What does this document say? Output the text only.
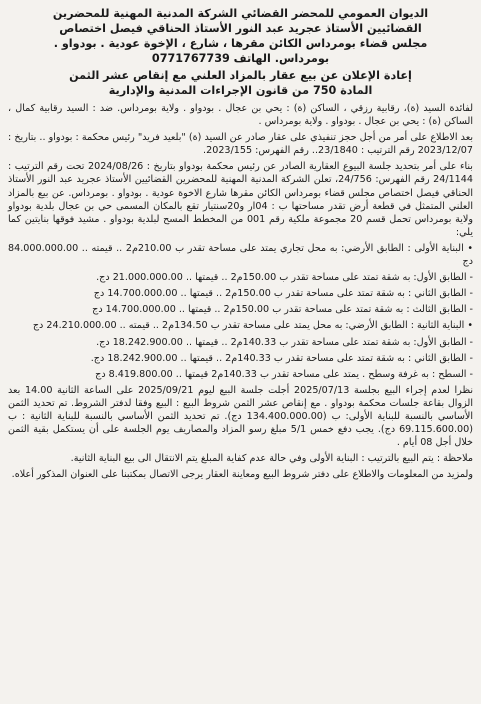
الديوان العمومي للمحضر القضائي الشركة المدنية المهنية للمحضرين
القضائيين الأستاذ عجريد عبد النور الأستاذ الحناقي فيصل اختصاص
مجلس قضاء بومرداس الكائن مقرها ، شارع ، الإخوة عودية . بودواو .
بومرداس. الهاتف 0771767739
إعادة الإعلان عن بيع عقار بالمزاد العلني مع إنقاص عشر الثمن
المادة 750 من قانون الإجراءات المدنية والإدارية

لفائدة السيد (ة)، رقابية رزقي ، الساكن (ة) : يحي بن عجال . بودواو . ولاية بومرداس. ضد : السيد رقابية كمال ، الساكن (ة) : يحي بن عجال . بودواو . ولاية بومرداس .

بعد الاطلاع على أمر من أجل حجز تنفيذي على عقار صادر عن السيد (ة) "بلعيد فريد" رئيس محكمة : بودواو .. بتاريخ : 2023/12/07 رقم الترتيب : 23/1840.. رقم الفهرس: 2023/155.

بناء على أمر بتحديد جلسة البيوع العقارية الصادر عن رئيس محكمة بودواو بتاريخ : 2024/08/26 تحت رقم الترتيب : 24/1144 رقم الفهرس: 24/756، تعلن الشركة المدنية المهنية للمحضرين القضائيين الأستاذ عجريد عبد النور الأستاذ الحناقي فيصل اختصاص مجلس قضاء بومرداس الكائن مقرها شارع الاخوة عودية . بودواو . بومرداس. عن بيع بالمزاد العلني المتمثل في قطعة أرض تقدر مساحتها ب : 04ار و20سنتيار تقع بالمكان المسمى حي بن عجال بلدية بودواو ولاية بومرداس تحمل قسم 20 مجموعة ملكية رقم 001 من المخطط المسح لبلدية بودواو . مشيد فوقها بنايتين كما يلي:

• البناية الأولى : الطابق الأرضي: به محل تجاري يمتد على مساحة تقدر ب 210.00م2 .. قيمته .. 84.000.000.00 دج

- الطابق الأول: به شقة تمتد على مساحة تقدر ب 150.00م2 .. قيمتها .. 21.000.000.00 دج.

- الطابق الثاني : به شقة تمتد على مساحة تقدر ب 150.00م2 .. قيمتها .. 14.700.000.00 دج

- الطابق الثالث : به شقة تمتد على مساحة تقدر ب 150.00م2 .. قيمتها .. 14.700.000.00 دج

• البناية الثانية : الطابق الأرضي: به محل يمتد على مساحة تقدر ب 134.50م2 .. قيمته .. 24.210.000.00 دج

- الطابق الأول: به شقة تمتد على مساحة تقدر ب 140.33م2 .. قيمتها .. 18.242.900.00 دج.

- الطابق الثاني : به شقة تمتد على مساحة تقدر ب 140.33م2 .. قيمتها .. 18.242.900.00 دج.

- السطح : به غرفة وسطح . يمتد على مساحة تقدر ب 140.33م2 قيمتها .. 8.419.800.00 دج

نظرا لعدم إجراء البيع بجلسة 2025/07/13 أجلت جلسة البيع ليوم 2025/09/21 على الساعة الثانية 14.00 بعد الزوال بقاعة جلسات محكمة بودواو . مع إنقاص عشر الثمن شروط البيع : البيع وفقا لدفتر الشروط. تم تحديد الثمن الأساسي بالنسبة للبناية الأولى: ب (134.400.000.00 دج). تم تحديد الثمن الأساسي بالنسبة للبناية الثانية : ب (69.115.600.00 دج). يجب دفع خمس 5/1 مبلغ رسو المزاد والمصاريف يوم الجلسة على أن يستكمل بقية الثمن خلال أجل 08 أيام .

ملاحظة : يتم البيع بالترتيب : البناية الأولى وفي حالة عدم كفاية المبلغ يتم الانتقال الى بيع البناية الثانية.

ولمزيد من المعلومات والاطلاع على دفتر شروط البيع ومعاينة العقار يرجى الاتصال بمكتبنا على العنوان المذكور أعلاه.
